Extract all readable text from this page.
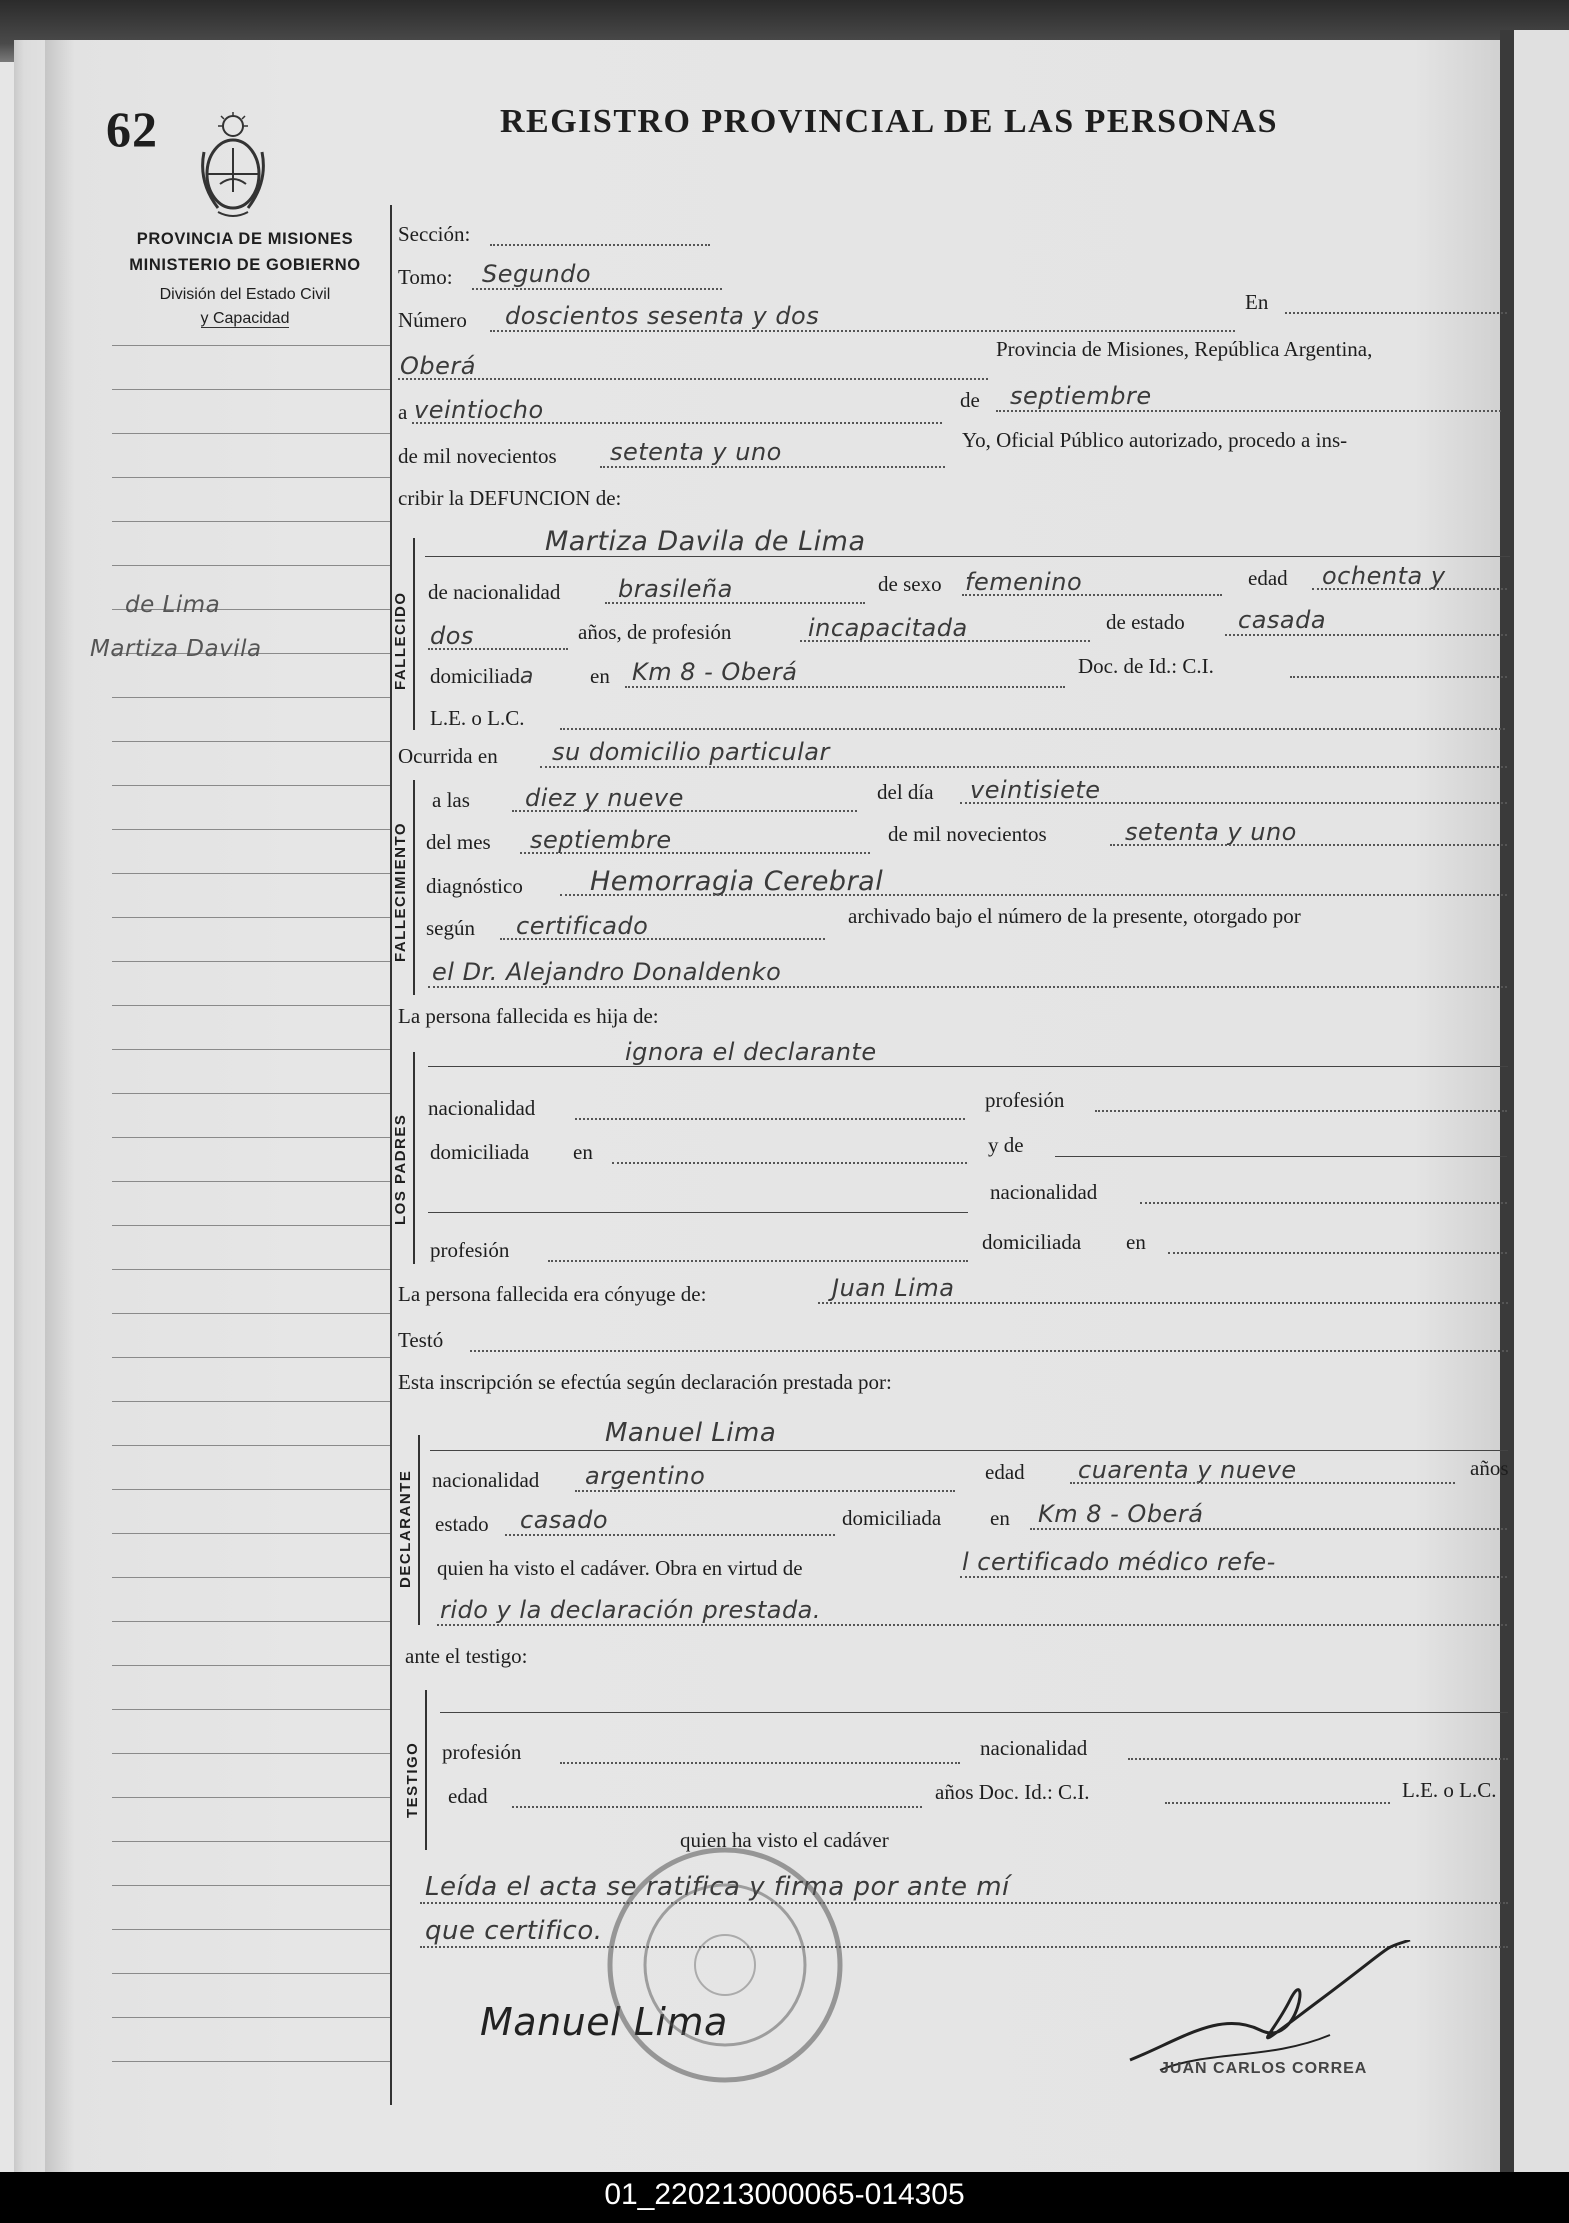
01_220213000065-014305
62	REGISTRO PROVINCIAL DE LAS PERSONAS
PROVINCIA DE MISIONES
MINISTERIO DE GOBIERNO
División del Estado Civil
y Capacidad
de Lima
Martiza Davila
Sección:
Tomo: Segundo
Número doscientos sesenta y dos	En
Oberá
Provincia de Misiones, República Argentina,
a veintiocho	de septiembre
de mil novecientos setenta y uno	Yo, Oficial Público autorizado, procedo a ins-
cribir la DEFUNCION de:
FALLECIDO
Martiza Davila de Lima
de nacionalidad brasileña	de sexo femenino	edad ochenta y
dos	años, de profesión	incapacitada	de estado casada
domiciliada	en Km 8 - Oberá	Doc. de Id.: C.I.
L.E. o L.C.
Ocurrida en su domicilio particular
FALLECIMIENTO
a las diez y nueve	del día veintisiete
del mes septiembre	de mil novecientos	setenta y uno
diagnóstico Hemorragia Cerebral
según certificado	archivado bajo el número de la presente, otorgado por
el Dr. Alejandro Donaldenko
La persona fallecida es hija de:
LOS PADRES
ignora el declarante
nacionalidad	profesión
domiciliada en	y de
nacionalidad
profesión	domiciliada en
La persona fallecida era cónyuge de:	Juan Lima
Testó
Esta inscripción se efectúa según declaración prestada por:
DECLARANTE
Manuel Lima
nacionalidad argentino	edad cuarenta y nueve	años
estado casado	domiciliada en Km 8 - Oberá
quien ha visto el cadáver. Obra en virtud de	l certificado médico refe-
rido y la declaración prestada.
ante el testigo:
TESTIGO profesión	nacionalidad
edad	años Doc. Id.: C.I.	L.E. o L.C.
quien ha visto el cadáver
Leída el acta se ratifica y firma por ante mí
que certifico.
Manuel Lima
JUAN CARLOS CORREA
